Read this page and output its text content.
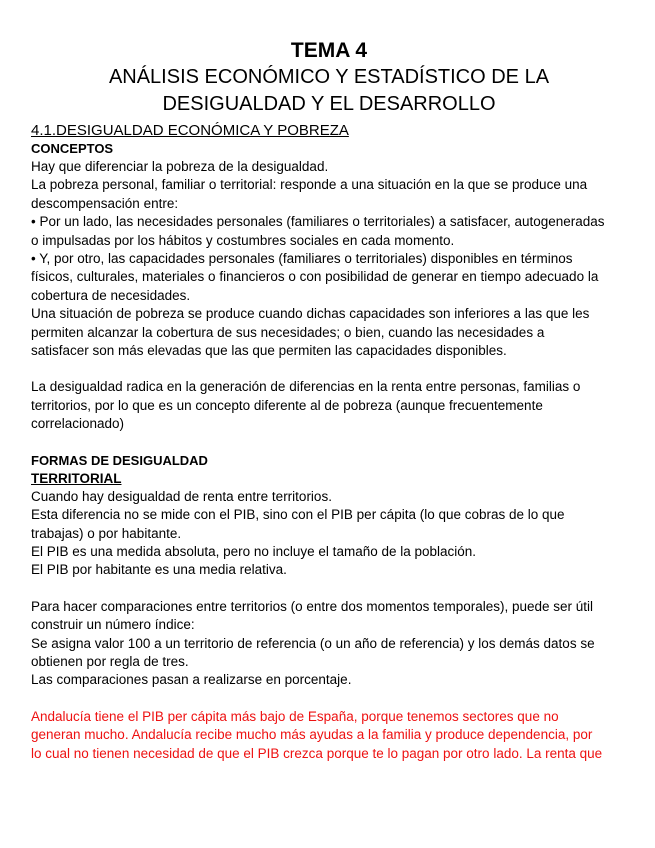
TEMA 4
ANÁLISIS ECONÓMICO Y ESTADÍSTICO DE LA
DESIGUALDAD Y EL DESARROLLO
4.1.DESIGUALDAD ECONÓMICA Y POBREZA
CONCEPTOS
Hay que diferenciar la pobreza de la desigualdad.
La pobreza personal, familiar o territorial: responde a una situación en la que se produce una
descompensación entre:
• Por un lado, las necesidades personales (familiares o territoriales) a satisfacer, autogeneradas
o impulsadas por los hábitos y costumbres sociales en cada momento.
• Y, por otro, las capacidades personales (familiares o territoriales) disponibles en términos
físicos, culturales, materiales o financieros o con posibilidad de generar en tiempo adecuado la
cobertura de necesidades.
Una situación de pobreza se produce cuando dichas capacidades son inferiores a las que les
permiten alcanzar la cobertura de sus necesidades; o bien, cuando las necesidades a
satisfacer son más elevadas que las que permiten las capacidades disponibles.
La desigualdad radica en la generación de diferencias en la renta entre personas, familias o
territorios, por lo que es un concepto diferente al de pobreza (aunque frecuentemente
correlacionado)
FORMAS DE DESIGUALDAD
TERRITORIAL
Cuando hay desigualdad de renta entre territorios.
Esta diferencia no se mide con el PIB, sino con el PIB per cápita (lo que cobras de lo que
trabajas) o por habitante.
El PIB es una medida absoluta, pero no incluye el tamaño de la población.
El PIB por habitante es una media relativa.
Para hacer comparaciones entre territorios (o entre dos momentos temporales), puede ser útil
construir un número índice:
Se asigna valor 100 a un territorio de referencia (o un año de referencia) y los demás datos se
obtienen por regla de tres.
Las comparaciones pasan a realizarse en porcentaje.
Andalucía tiene el PIB per cápita más bajo de España, porque tenemos sectores que no
generan mucho. Andalucía recibe mucho más ayudas a la familia y produce dependencia, por
lo cual no tienen necesidad de que el PIB crezca porque te lo pagan por otro lado. La renta que
